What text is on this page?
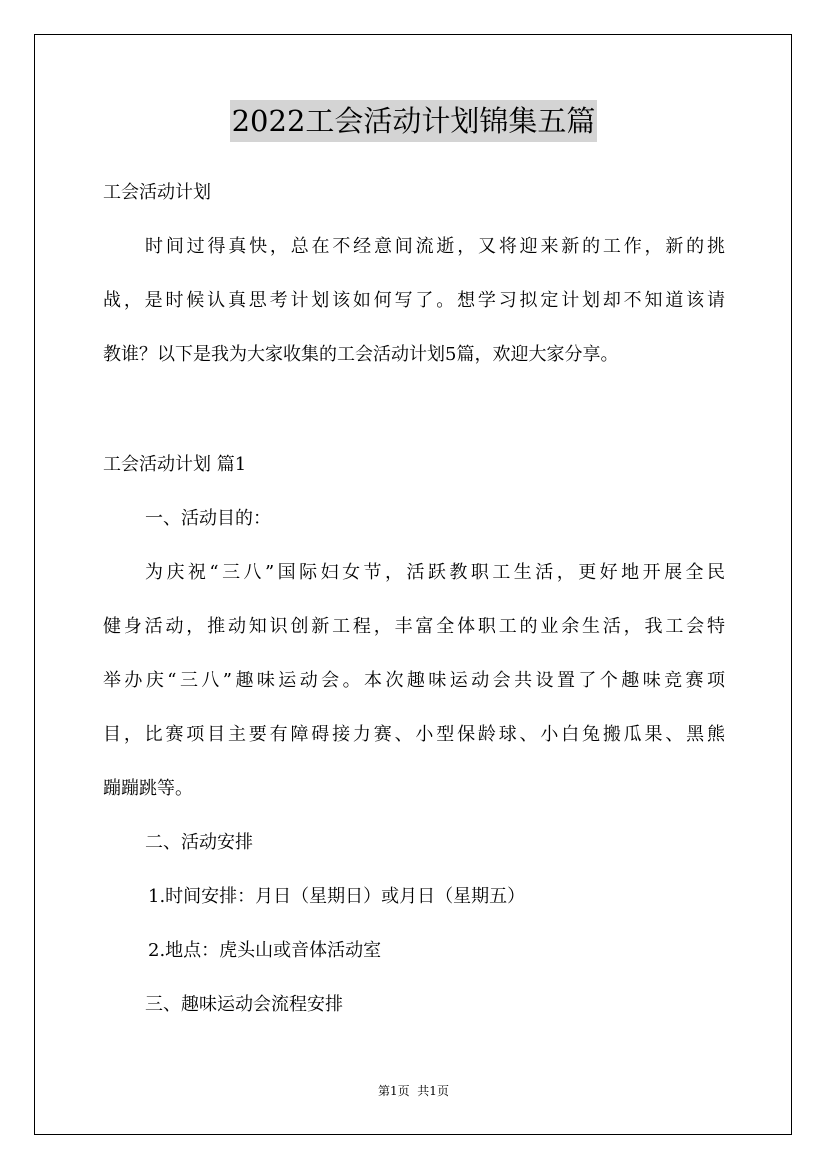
2022工会活动计划锦集五篇
工会活动计划
时间过得真快，总在不经意间流逝，又将迎来新的工作，新的挑
战，是时候认真思考计划该如何写了。想学习拟定计划却不知道该请
教谁？以下是我为大家收集的工会活动计划5篇，欢迎大家分享。
工会活动计划 篇1
一、活动目的：
为庆祝“三八”国际妇女节，活跃教职工生活，更好地开展全民
健身活动，推动知识创新工程，丰富全体职工的业余生活，我工会特
举办庆“三八”趣味运动会。本次趣味运动会共设置了个趣味竞赛项
目，比赛项目主要有障碍接力赛、小型保龄球、小白兔搬瓜果、黑熊
蹦蹦跳等。
二、活动安排
1.时间安排：月日（星期日）或月日（星期五）
2.地点：虎头山或音体活动室
三、趣味运动会流程安排
第1页  共1页
